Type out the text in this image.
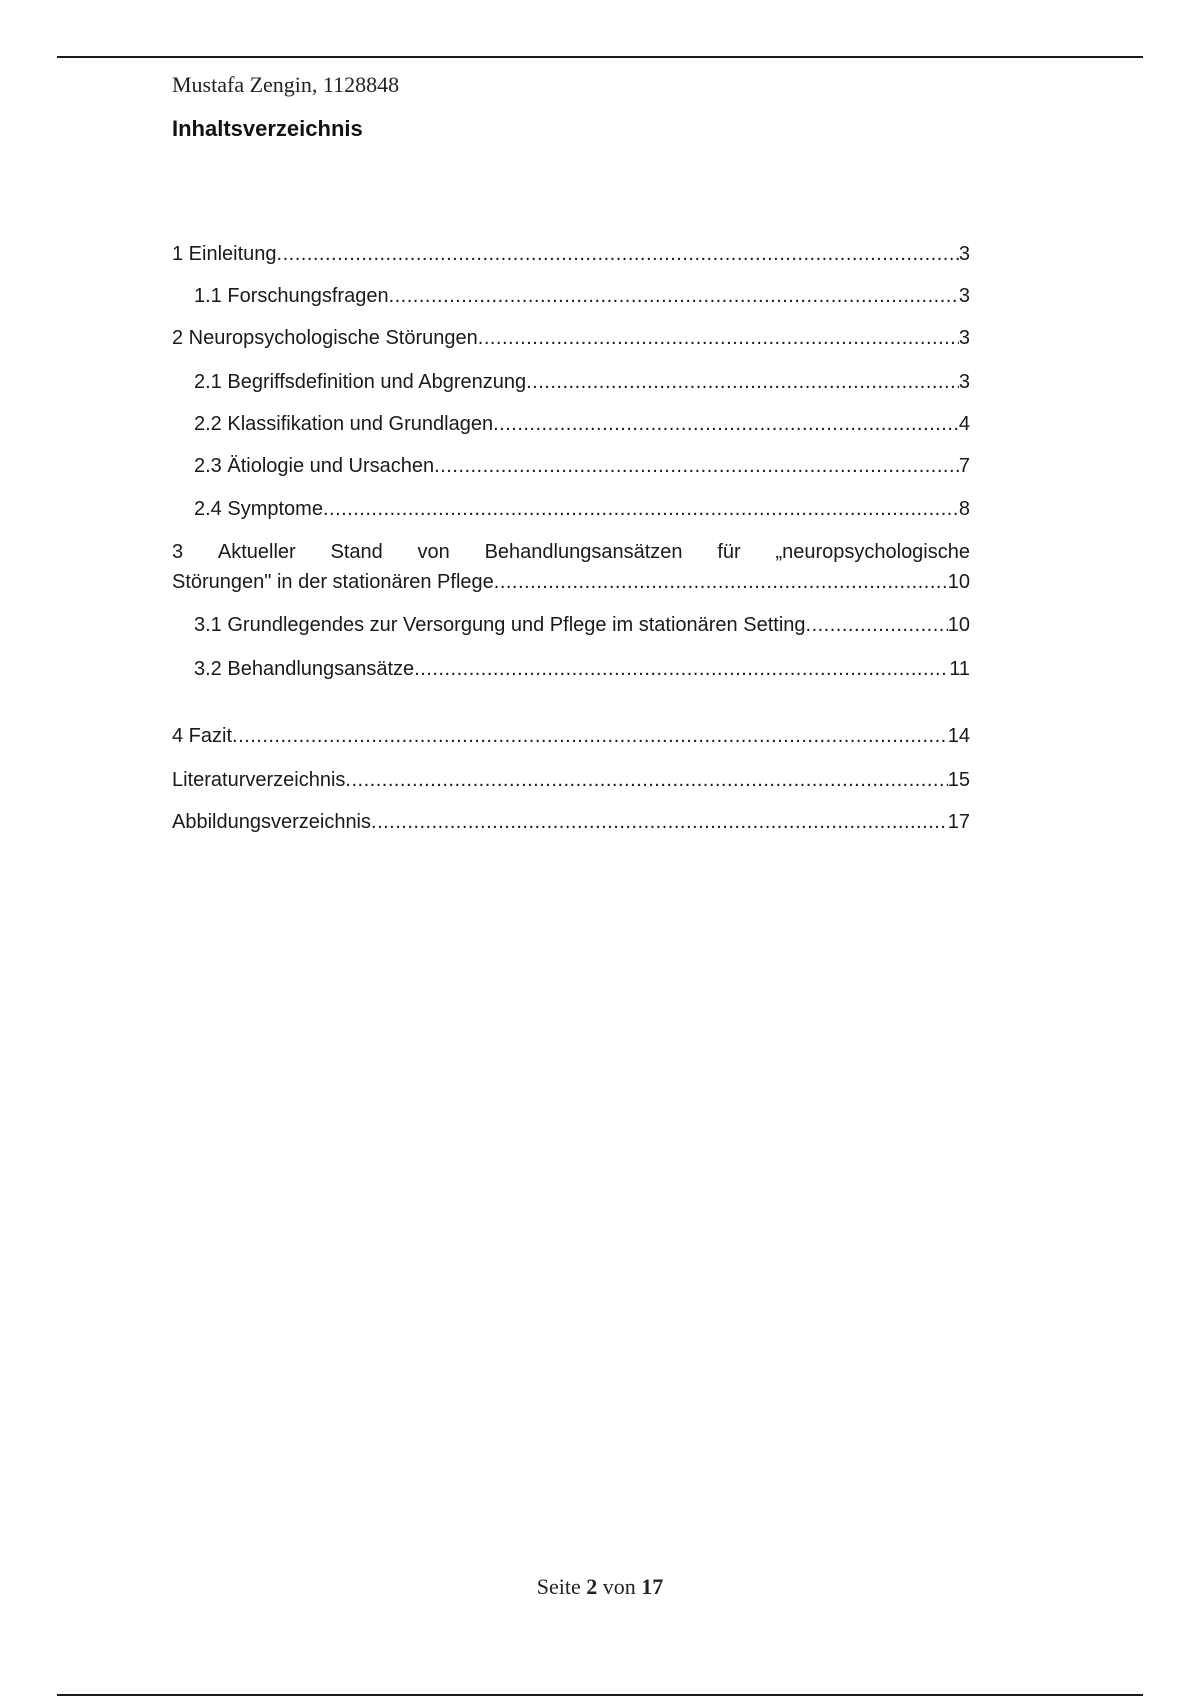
Mustafa Zengin, 1128848
Inhaltsverzeichnis
1 Einleitung .....	3
1.1 Forschungsfragen .....	3
2 Neuropsychologische Störungen .....	3
2.1 Begriffsdefinition und Abgrenzung .....	3
2.2 Klassifikation und Grundlagen .....	4
2.3 Ätiologie und Ursachen .....	7
2.4 Symptome .....	8
3 Aktueller Stand von Behandlungsansätzen für „neuropsychologische
Störungen" in der stationären Pflege .....	10
3.1 Grundlegendes zur Versorgung und Pflege im stationären Setting .....	10
3.2 Behandlungsansätze .....	11
4 Fazit .....	14
Literaturverzeichnis .....	15
Abbildungsverzeichnis .....	17
Seite 2 von 17
